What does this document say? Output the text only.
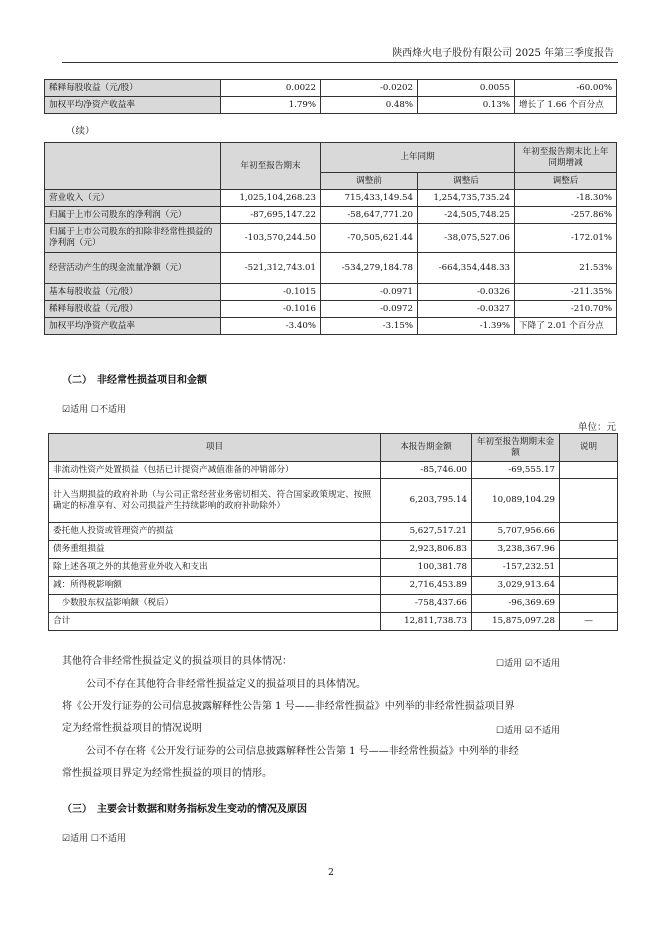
陕西烽火电子股份有限公司 2025 年第三季度报告
稀释每股收益（元/股）	0.0022	-0.0202	0.0055	-60.00%
加权平均净资产收益率	1.79%	0.48%	0.13%	增长了 1.66 个百分点
（续）
	年初至报告期末	上年同期		年初至报告期末比上年同期增减
		调整前	调整后	调整后
营业收入（元）	1,025,104,268.23	715,433,149.54	1,254,735,735.24	-18.30%
归属于上市公司股东的净利润（元）	-87,695,147.22	-58,647,771.20	-24,505,748.25	-257.86%
归属于上市公司股东的扣除非经常性损益的净利润（元）	-103,570,244.50	-70,505,621.44	-38,075,527.06	-172.01%
经营活动产生的现金流量净额（元）	-521,312,743.01	-534,279,184.78	-664,354,448.33	21.53%
基本每股收益（元/股）	-0.1015	-0.0971	-0.0326	-211.35%
稀释每股收益（元/股）	-0.1016	-0.0972	-0.0327	-210.70%
加权平均净资产收益率	-3.40%	-3.15%	-1.39%	下降了 2.01 个百分点
（二）　非经常性损益项目和金额
☑适用 ☐不适用
单位：元
项目	本报告期金额	年初至报告期期末金额	说明
非流动性资产处置损益（包括已计提资产减值准备的冲销部分）	-85,746.00	-69,555.17	
计入当期损益的政府补助（与公司正常经营业务密切相关、符合国家政策规定、按照确定的标准享有、对公司损益产生持续影响的政府补助除外）	6,203,795.14	10,089,104.29	
委托他人投资或管理资产的损益	5,627,517.21	5,707,956.66	
债务重组损益	2,923,806.83	3,238,367.96	
除上述各项之外的其他营业外收入和支出	100,381.78	-157,232.51	
减：所得税影响额	2,716,453.89	3,029,913.64	
　少数股东权益影响额（税后）	-758,437.66	-96,369.69	
合计	12,811,738.73	15,875,097.28	—
其他符合非经常性损益定义的损益项目的具体情况：	☐适用 ☑不适用
公司不存在其他符合非经常性损益定义的损益项目的具体情况。
将《公开发行证券的公司信息披露解释性公告第 1 号——非经常性损益》中列举的非经常性损益项目界
定为经常性损益项目的情况说明	☐适用 ☑不适用
公司不存在将《公开发行证券的公司信息披露解释性公告第 1 号——非经常性损益》中列举的非经
常性损益项目界定为经常性损益的项目的情形。
（三）　主要会计数据和财务指标发生变动的情况及原因
☑适用 ☐不适用
2
